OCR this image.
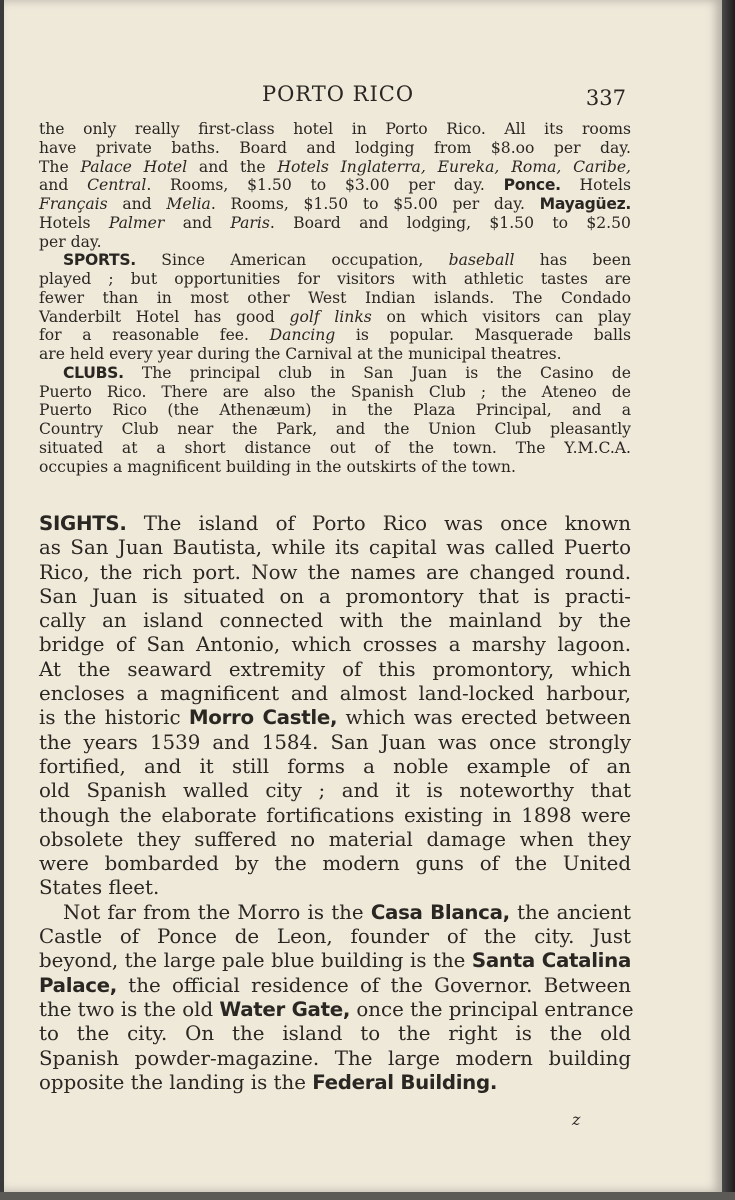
PORTO RICO	337
the only really first-class hotel in Porto Rico. All its rooms
have private baths. Board and lodging from $8.oo per day.
The Palace Hotel and the Hotels Inglaterra, Eureka, Roma, Caribe,
and Central. Rooms, $1.50 to $3.00 per day. Ponce. Hotels
Français and Melia. Rooms, $1.50 to $5.00 per day. Mayagüez.
Hotels Palmer and Paris. Board and lodging, $1.50 to $2.50
per day.
SPORTS. Since American occupation, baseball has been
played ; but opportunities for visitors with athletic tastes are
fewer than in most other West Indian islands. The Condado
Vanderbilt Hotel has good golf links on which visitors can play
for a reasonable fee. Dancing is popular. Masquerade balls
are held every year during the Carnival at the municipal theatres.
CLUBS. The principal club in San Juan is the Casino de
Puerto Rico. There are also the Spanish Club ; the Ateneo de
Puerto Rico (the Athenæum) in the Plaza Principal, and a
Country Club near the Park, and the Union Club pleasantly
situated at a short distance out of the town. The Y.M.C.A.
occupies a magnificent building in the outskirts of the town.
SIGHTS. The island of Porto Rico was once known
as San Juan Bautista, while its capital was called Puerto
Rico, the rich port. Now the names are changed round.
San Juan is situated on a promontory that is practi-
cally an island connected with the mainland by the
bridge of San Antonio, which crosses a marshy lagoon.
At the seaward extremity of this promontory, which
encloses a magnificent and almost land-locked harbour,
is the historic Morro Castle, which was erected between
the years 1539 and 1584. San Juan was once strongly
fortified, and it still forms a noble example of an
old Spanish walled city ; and it is noteworthy that
though the elaborate fortifications existing in 1898 were
obsolete they suffered no material damage when they
were bombarded by the modern guns of the United
States fleet.
Not far from the Morro is the Casa Blanca, the ancient
Castle of Ponce de Leon, founder of the city. Just
beyond, the large pale blue building is the Santa Catalina
Palace, the official residence of the Governor. Between
the two is the old Water Gate, once the principal entrance
to the city. On the island to the right is the old
Spanish powder-magazine. The large modern building
opposite the landing is the Federal Building.
z
